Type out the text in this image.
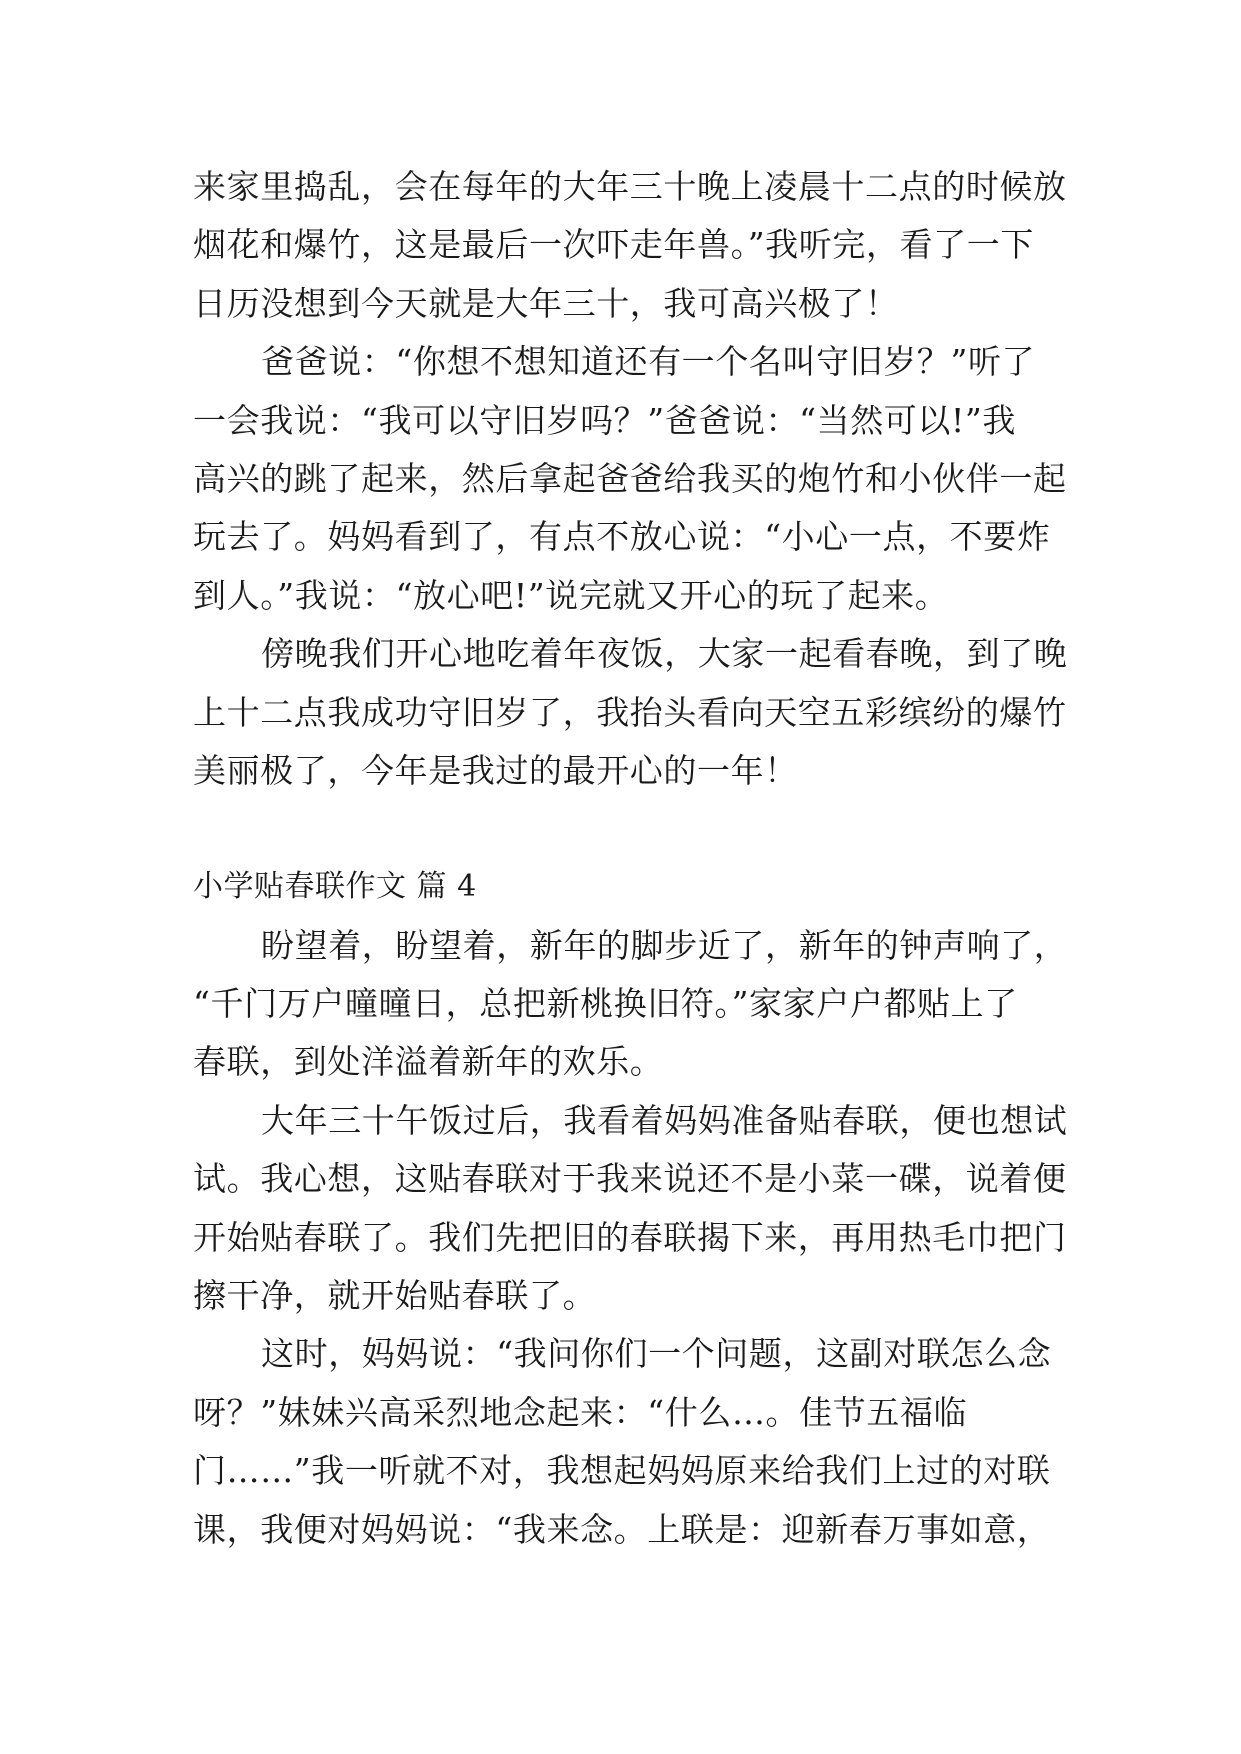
来家里捣乱，会在每年的大年三十晚上凌晨十二点的时候放
烟花和爆竹，这是最后一次吓走年兽。”我听完，看了一下
日历没想到今天就是大年三十，我可高兴极了！
爸爸说：“你想不想知道还有一个名叫守旧岁？”听了
一会我说：“我可以守旧岁吗？”爸爸说：“当然可以!”我
高兴的跳了起来，然后拿起爸爸给我买的炮竹和小伙伴一起
玩去了。妈妈看到了，有点不放心说：“小心一点，不要炸
到人。”我说：“放心吧!”说完就又开心的玩了起来。
傍晚我们开心地吃着年夜饭，大家一起看春晚，到了晚
上十二点我成功守旧岁了，我抬头看向天空五彩缤纷的爆竹
美丽极了，今年是我过的最开心的一年！
小学贴春联作文 篇 4
盼望着，盼望着，新年的脚步近了，新年的钟声响了，
“千门万户曈曈日，总把新桃换旧符。”家家户户都贴上了
春联，到处洋溢着新年的欢乐。
大年三十午饭过后，我看着妈妈准备贴春联，便也想试
试。我心想，这贴春联对于我来说还不是小菜一碟，说着便
开始贴春联了。我们先把旧的春联揭下来，再用热毛巾把门
擦干净，就开始贴春联了。
这时，妈妈说：“我问你们一个问题，这副对联怎么念
呀？”妹妹兴高采烈地念起来：“什么…。佳节五福临
门……”我一听就不对，我想起妈妈原来给我们上过的对联
课，我便对妈妈说：“我来念。上联是：迎新春万事如意，
